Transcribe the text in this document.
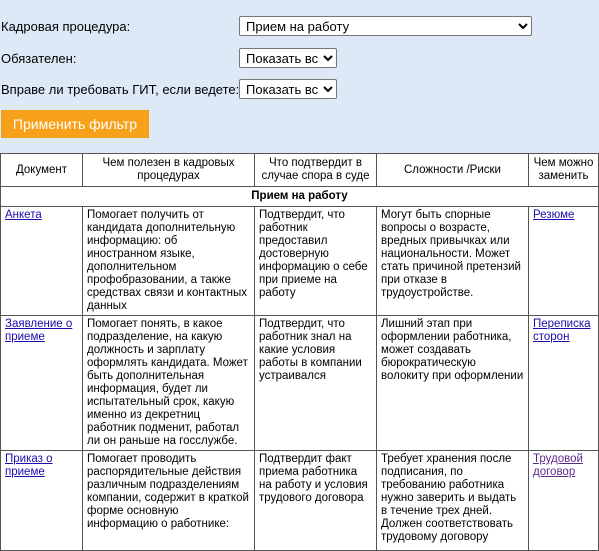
Кадровая процедура:
Прием на работу
Обязателен:
Показать все
Вправе ли требовать ГИТ, если ведете:
Показать все
Применить фильтр
Документ	Чем полезен в кадровых процедурах	Что подтвердит в случае спора в суде	Сложности /Риски	Чем можно заменить
Прием на работу				
Анкета	Помогает получить от кандидата дополнительную информацию: об иностранном языке, дополнительном профобразовании, а также средствах связи и контактных данных	Подтвердит, что работник предоставил достоверную информацию о себе при приеме на работу	Могут быть спорные вопросы о возрасте, вредных привычках или национальности. Может стать причиной претензий при отказе в трудоустройстве.	Резюме
Заявление о приеме	Помогает понять, в какое подразделение, на какую должность и зарплату оформлять кандидата. Может быть дополнительная информация, будет ли испытательный срок, какую именно из декретниц работник подменит, работал ли он раньше на госслужбе.	Подтвердит, что работник знал на какие условия работы в компании устраивался	Лишний этап при оформлении работника, может создавать бюрократическую волокиту при оформлении	Переписка сторон
Приказ о приеме	Помогает проводить распорядительные действия различным подразделениям компании, содержит в краткой форме основную информацию о работнике:	Подтвердит факт приема работника на работу и условия трудового договора	Требует хранения после подписания, по требованию работника нужно заверить и выдать в течение трех дней. Должен соответствовать трудовому договору	Трудовой договор
